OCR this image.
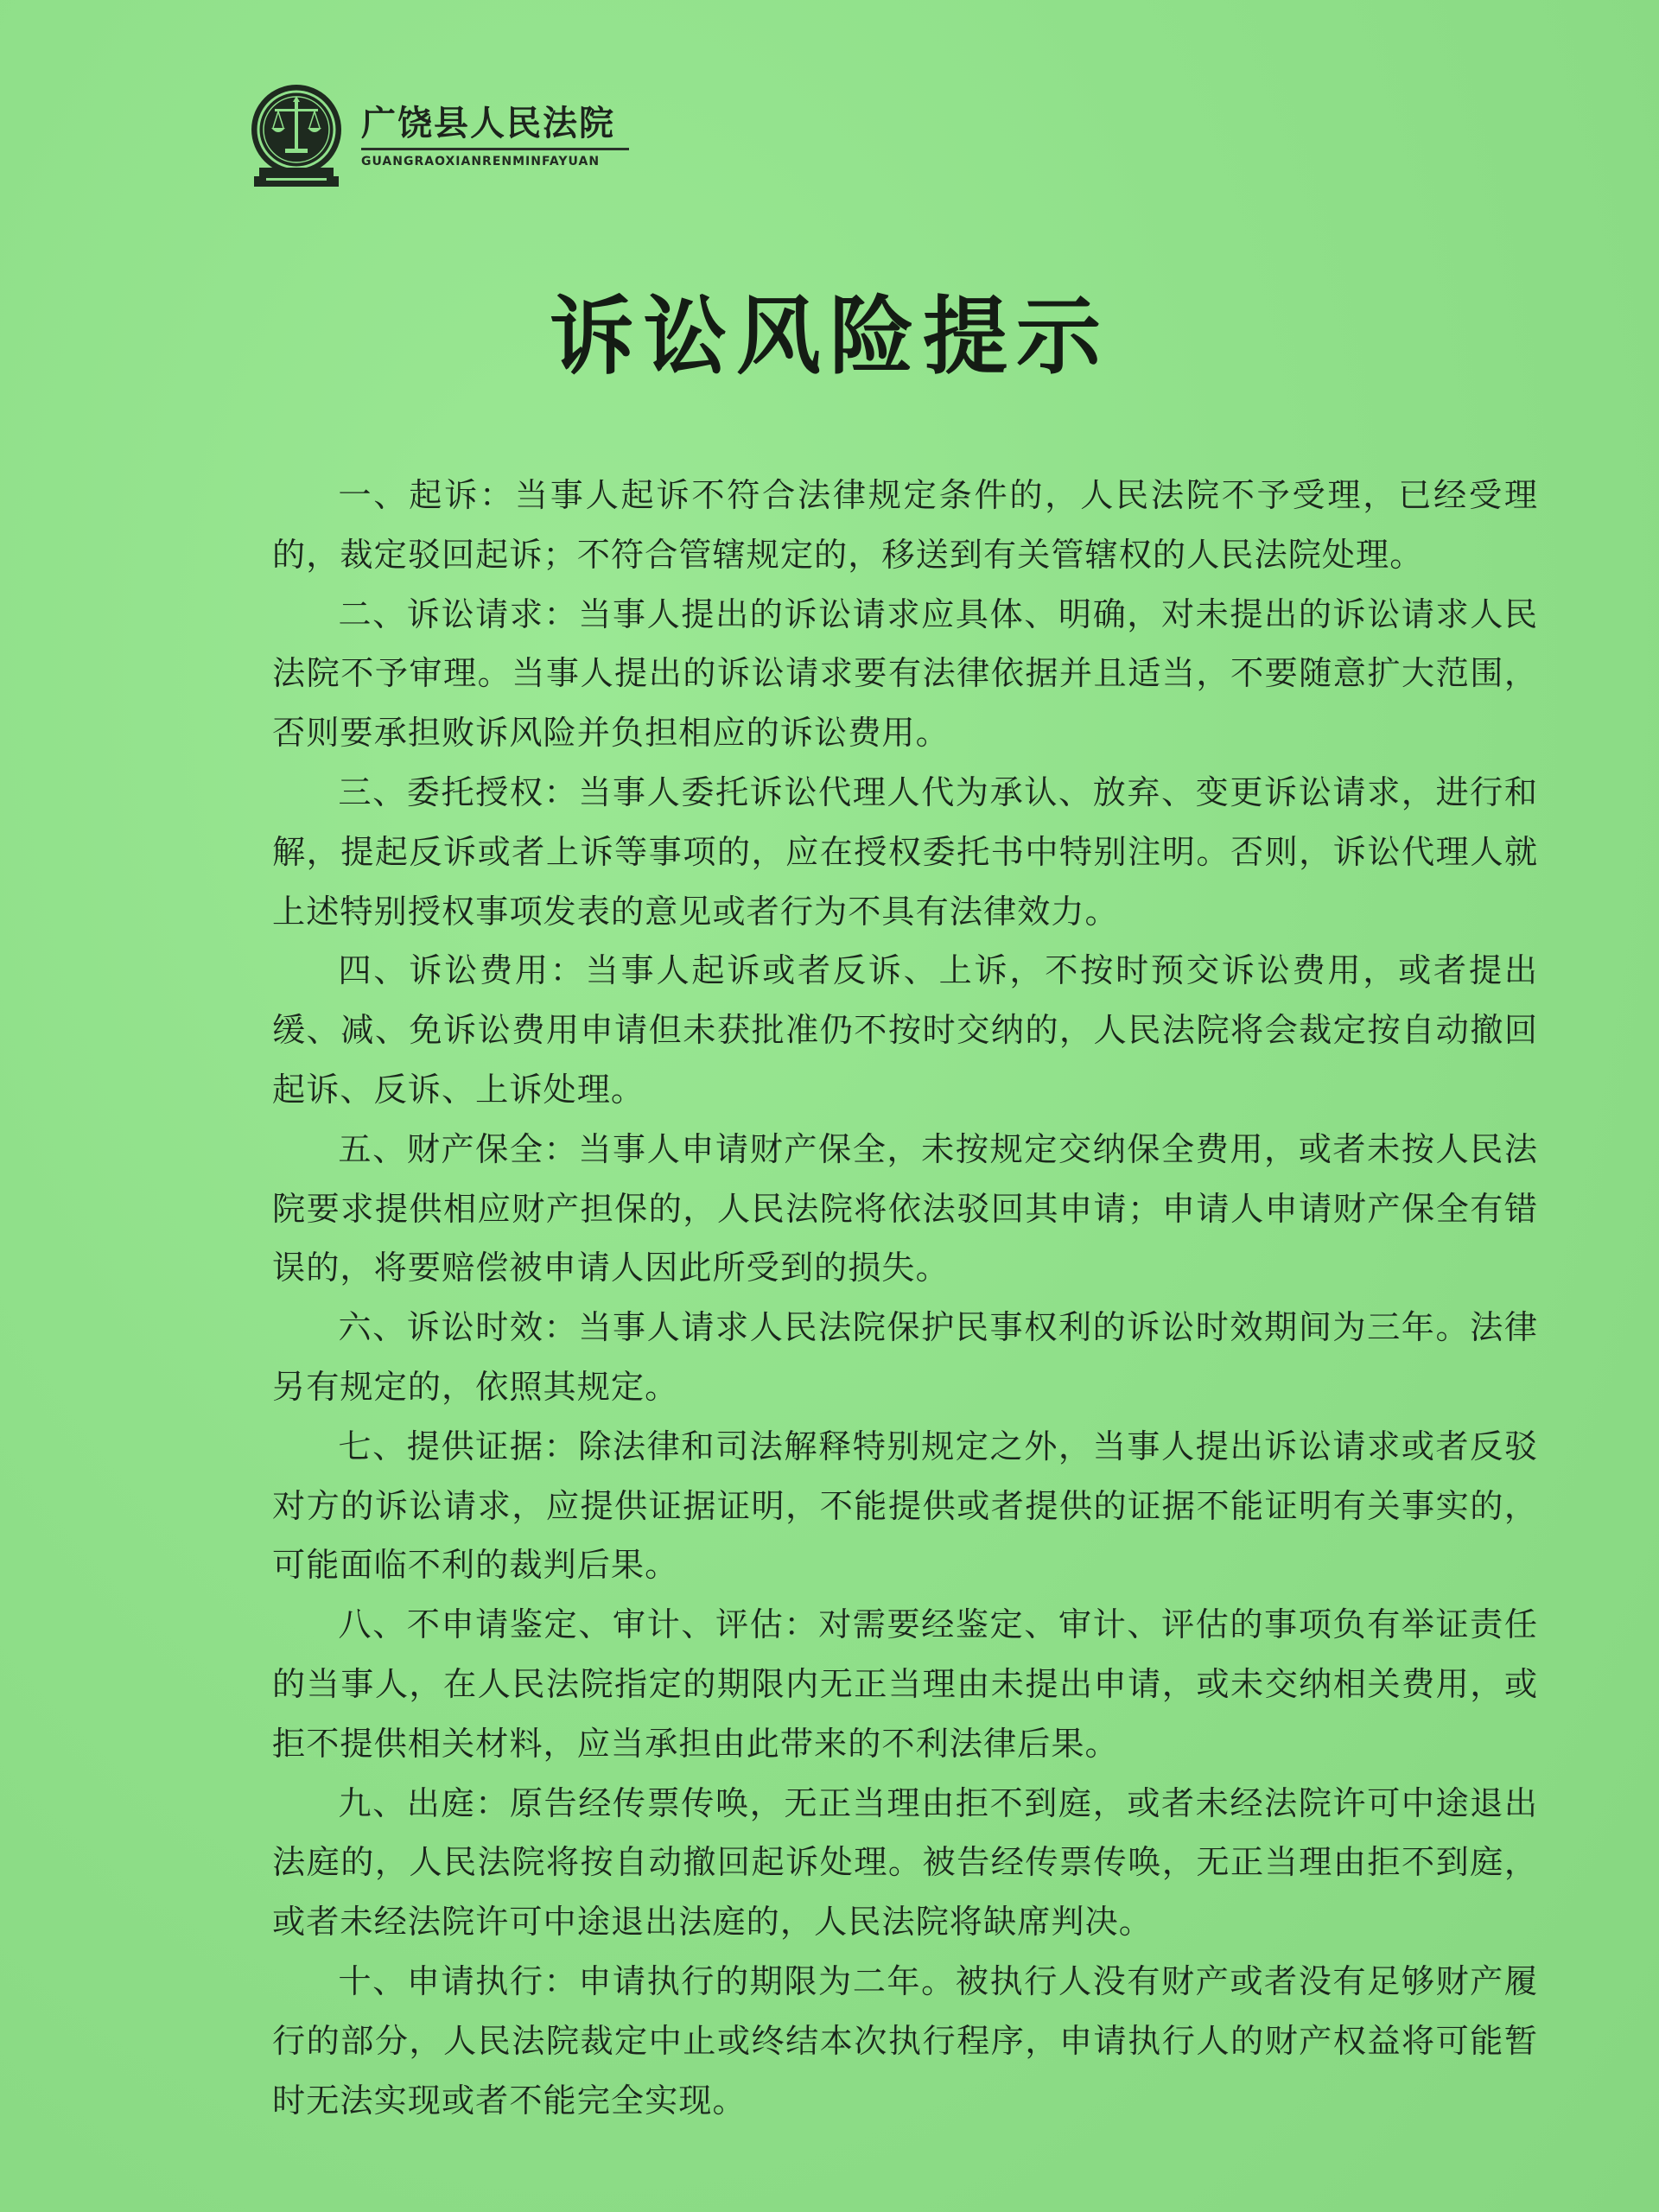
广饶县人民法院
GUANGRAOXIANRENMINFAYUAN
诉讼风险提示

一、起诉：当事人起诉不符合法律规定条件的，人民法院不予受理，已经受理的，裁定驳回起诉；不符合管辖规定的，移送到有关管辖权的人民法院处理。

二、诉讼请求：当事人提出的诉讼请求应具体、明确，对未提出的诉讼请求人民法院不予审理。当事人提出的诉讼请求要有法律依据并且适当，不要随意扩大范围，否则要承担败诉风险并负担相应的诉讼费用。

三、委托授权：当事人委托诉讼代理人代为承认、放弃、变更诉讼请求，进行和解，提起反诉或者上诉等事项的，应在授权委托书中特别注明。否则，诉讼代理人就上述特别授权事项发表的意见或者行为不具有法律效力。

四、诉讼费用：当事人起诉或者反诉、上诉，不按时预交诉讼费用，或者提出缓、减、免诉讼费用申请但未获批准仍不按时交纳的，人民法院将会裁定按自动撤回起诉、反诉、上诉处理。

五、财产保全：当事人申请财产保全，未按规定交纳保全费用，或者未按人民法院要求提供相应财产担保的，人民法院将依法驳回其申请；申请人申请财产保全有错误的，将要赔偿被申请人因此所受到的损失。

六、诉讼时效：当事人请求人民法院保护民事权利的诉讼时效期间为三年。法律另有规定的，依照其规定。

七、提供证据：除法律和司法解释特别规定之外，当事人提出诉讼请求或者反驳对方的诉讼请求，应提供证据证明，不能提供或者提供的证据不能证明有关事实的，可能面临不利的裁判后果。

八、不申请鉴定、审计、评估：对需要经鉴定、审计、评估的事项负有举证责任的当事人，在人民法院指定的期限内无正当理由未提出申请，或未交纳相关费用，或拒不提供相关材料，应当承担由此带来的不利法律后果。

九、出庭：原告经传票传唤，无正当理由拒不到庭，或者未经法院许可中途退出法庭的，人民法院将按自动撤回起诉处理。被告经传票传唤，无正当理由拒不到庭，或者未经法院许可中途退出法庭的，人民法院将缺席判决。

十、申请执行：申请执行的期限为二年。被执行人没有财产或者没有足够财产履行的部分，人民法院裁定中止或终结本次执行程序，申请执行人的财产权益将可能暂时无法实现或者不能完全实现。
